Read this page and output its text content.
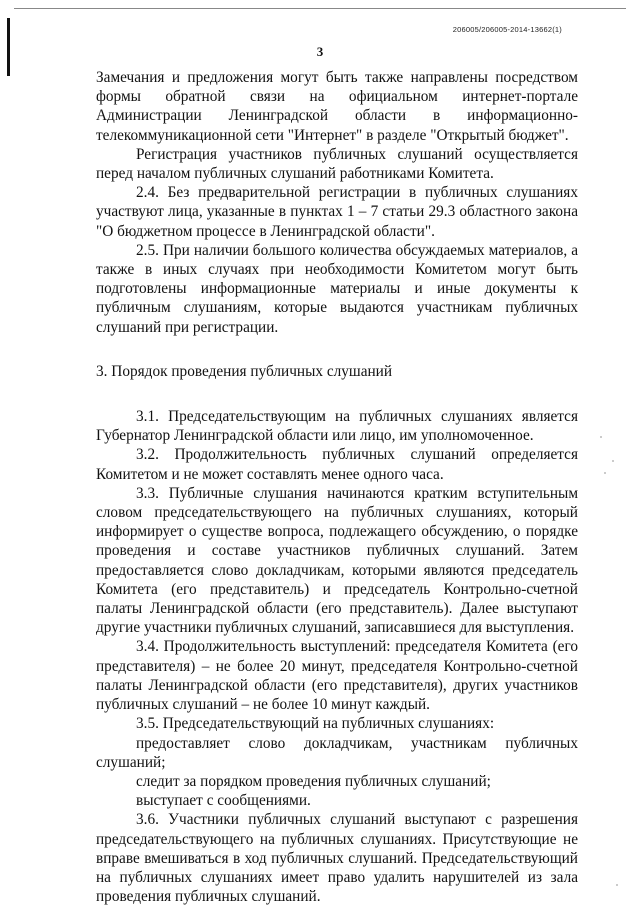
206005/206005-2014-13662(1)
3

Замечания и предложения могут быть также направлены посредством формы обратной связи на официальном интернет-портале Администрации Ленинградской области в информационно-телекоммуникационной сети "Интернет" в разделе "Открытый бюджет".

Регистрация участников публичных слушаний осуществляется перед началом публичных слушаний работниками Комитета.

2.4. Без предварительной регистрации в публичных слушаниях участвуют лица, указанные в пунктах 1 – 7 статьи 29.3 областного закона "О бюджетном процессе в Ленинградской области".

2.5. При наличии большого количества обсуждаемых материалов, а также в иных случаях при необходимости Комитетом могут быть подготовлены информационные материалы и иные документы к публичным слушаниям, которые выдаются участникам публичных слушаний при регистрации.

3. Порядок проведения публичных слушаний

3.1. Председательствующим на публичных слушаниях является Губернатор Ленинградской области или лицо, им уполномоченное.

3.2. Продолжительность публичных слушаний определяется Комитетом и не может составлять менее одного часа.

3.3. Публичные слушания начинаются кратким вступительным словом председательствующего на публичных слушаниях, который информирует о существе вопроса, подлежащего обсуждению, о порядке проведения и составе участников публичных слушаний. Затем предоставляется слово докладчикам, которыми являются председатель Комитета (его представитель) и председатель Контрольно-счетной палаты Ленинградской области (его представитель). Далее выступают другие участники публичных слушаний, записавшиеся для выступления.

3.4. Продолжительность выступлений: председателя Комитета (его представителя) – не более 20 минут, председателя Контрольно-счетной палаты Ленинградской области (его представителя), других участников публичных слушаний – не более 10 минут каждый.

3.5. Председательствующий на публичных слушаниях:

предоставляет слово докладчикам, участникам публичных слушаний;

следит за порядком проведения публичных слушаний;

выступает с сообщениями.

3.6. Участники публичных слушаний выступают с разрешения председательствующего на публичных слушаниях. Присутствующие не вправе вмешиваться в ход публичных слушаний. Председательствующий на публичных слушаниях имеет право удалить нарушителей из зала проведения публичных слушаний.
